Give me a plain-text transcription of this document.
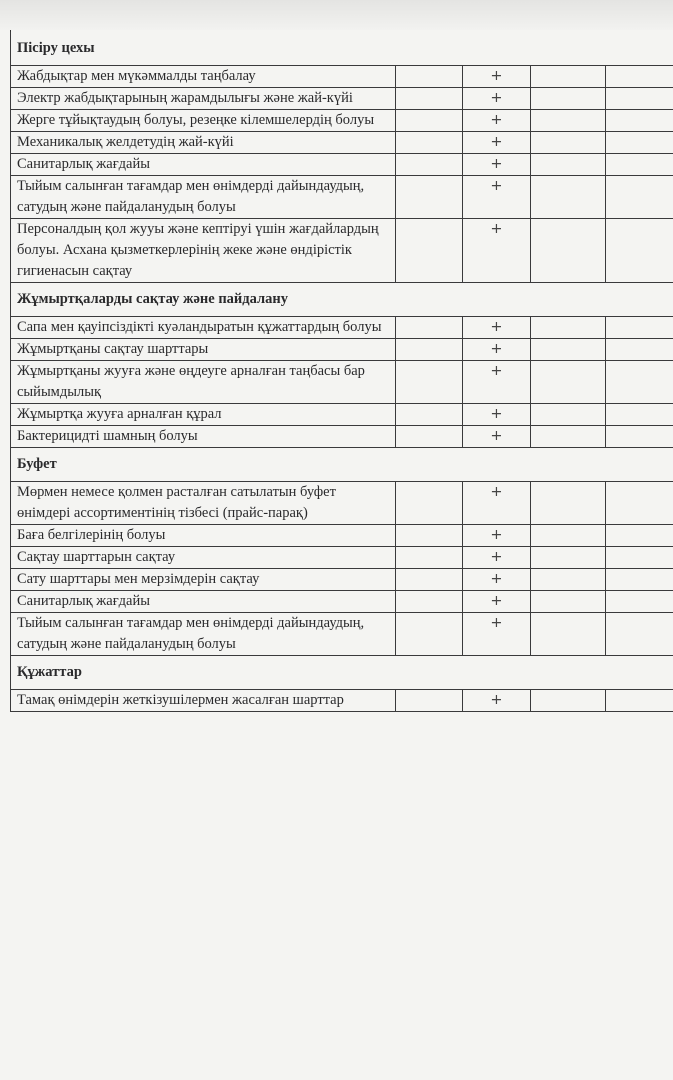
Пісіру цехы				
Жабдықтар мен мүкәммалды таңбалау		+		
Электр жабдықтарының жарамдылығы және жай-күйі		+		
Жерге тұйықтаудың болуы, резеңке кілемшелердің болуы		+		
Механикалық желдетудің жай-күйі		+		
Санитарлық жағдайы		+		
Тыйым салынған тағамдар мен өнімдерді дайындаудың, сатудың және пайдаланудың болуы		+		
Персоналдың қол жууы және кептіруі үшін жағдайлардың болуы. Асхана қызметкерлерінің жеке және өндірістік гигиенасын сақтау		+		
Жұмыртқаларды сақтау және пайдалану				
Сапа мен қауіпсіздікті куәландыратын құжаттардың болуы		+		
Жұмыртқаны сақтау шарттары		+		
Жұмыртқаны жууға және өңдеуге арналған таңбасы бар сыйымдылық		+		
Жұмыртқа жууға арналған құрал		+		
Бактерицидті шамның болуы		+		
Буфет				
Мөрмен немесе қолмен расталған сатылатын буфет өнімдері ассортиментінің тізбесі (прайс-парақ)		+		
Баға белгілерінің болуы		+		
Сақтау шарттарын сақтау		+		
Сату шарттары мен мерзімдерін сақтау		+		
Санитарлық жағдайы		+		
Тыйым салынған тағамдар мен өнімдерді дайындаудың, сатудың және пайдаланудың болуы		+		
Құжаттар				
Тамақ өнімдерін жеткізушілермен жасалған шарттар		+		
